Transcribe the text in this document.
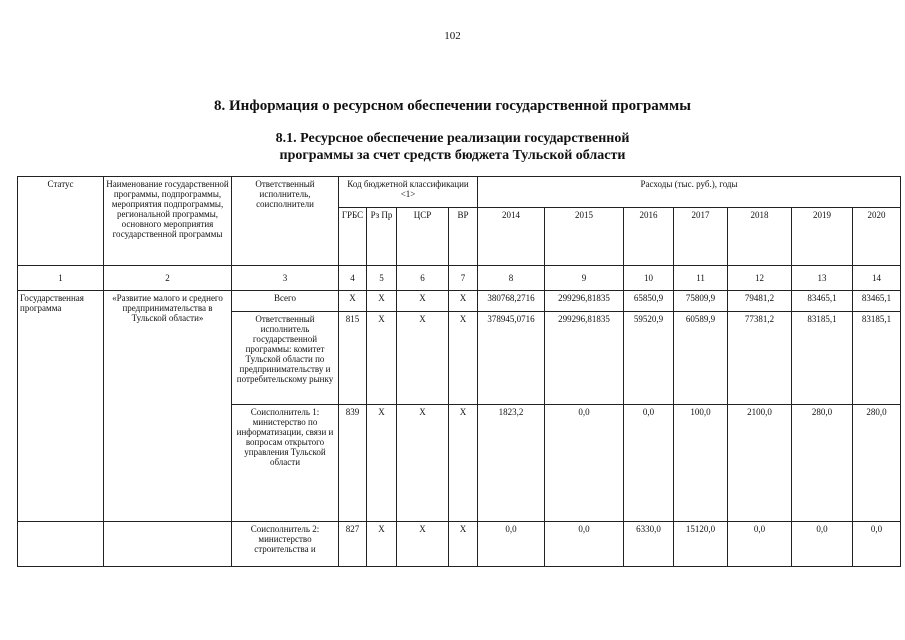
102
8. Информация о ресурсном обеспечении государственной программы
8.1. Ресурсное обеспечение реализации государственной
программы за счет средств бюджета Тульской области
Статус	Наименование государственной программы, подпрограммы, мероприятия подпрограммы, региональной программы, основного мероприятия государственной программы	Ответственный исполнитель, соисполнители	Код бюджетной классификации <1>				Расходы (тыс. руб.), годы						
			ГРБС	Рз Пр	ЦСР	ВР	2014	2015	2016	2017	2018	2019	2020
1	2	3	4	5	6	7	8	9	10	11	12	13	14
Государственная программа	«Развитие малого и среднего предпринимательства в Тульской области»	Всего	X	X	X	X	380768,2716	299296,81835	65850,9	75809,9	79481,2	83465,1	83465,1
		Ответственный исполнитель государственной программы: комитет Тульской области по предпринимательству и потребительскому рынку	815	X	X	X	378945,0716	299296,81835	59520,9	60589,9	77381,2	83185,1	83185,1
		Соисполнитель 1: министерство по информатизации, связи и вопросам открытого управления Тульской области	839	X	X	X	1823,2	0,0	0,0	100,0	2100,0	280,0	280,0
		Соисполнитель 2: министерство строительства и	827	X	X	X	0,0	0,0	6330,0	15120,0	0,0	0,0	0,0
